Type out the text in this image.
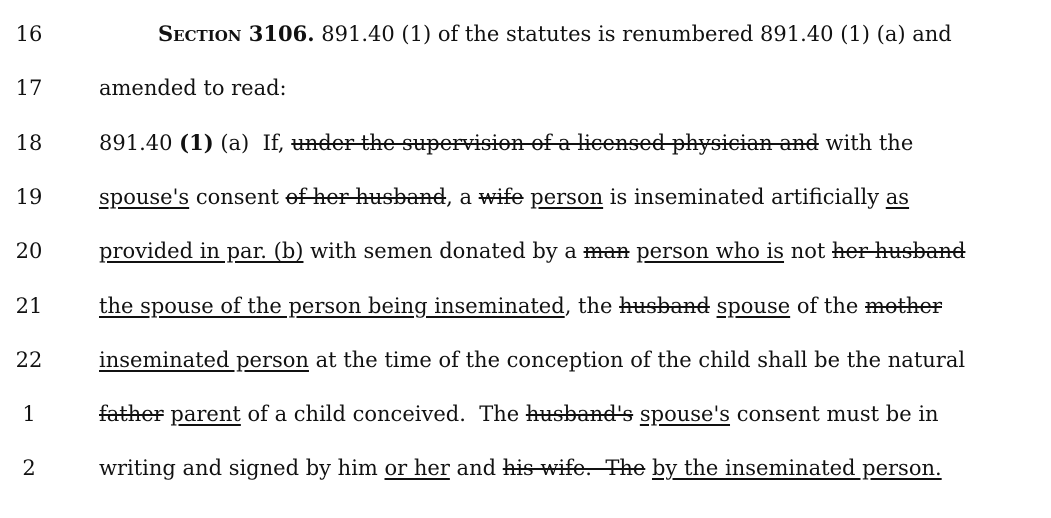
16	Section 3106. 891.40 (1) of the statutes is renumbered 891.40 (1) (a) and
17	amended to read:
18	891.40 (1) (a)  If, under the supervision of a licensed physician and with the
19	spouse's consent of her husband, a wife person is inseminated artificially as
20	provided in par. (b) with semen donated by a man person who is not her husband
21	the spouse of the person being inseminated, the husband spouse of the mother
22	inseminated person at the time of the conception of the child shall be the natural
1	father parent of a child conceived.  The husband's spouse's consent must be in
2	writing and signed by him or her and his wife.  The by the inseminated person.
